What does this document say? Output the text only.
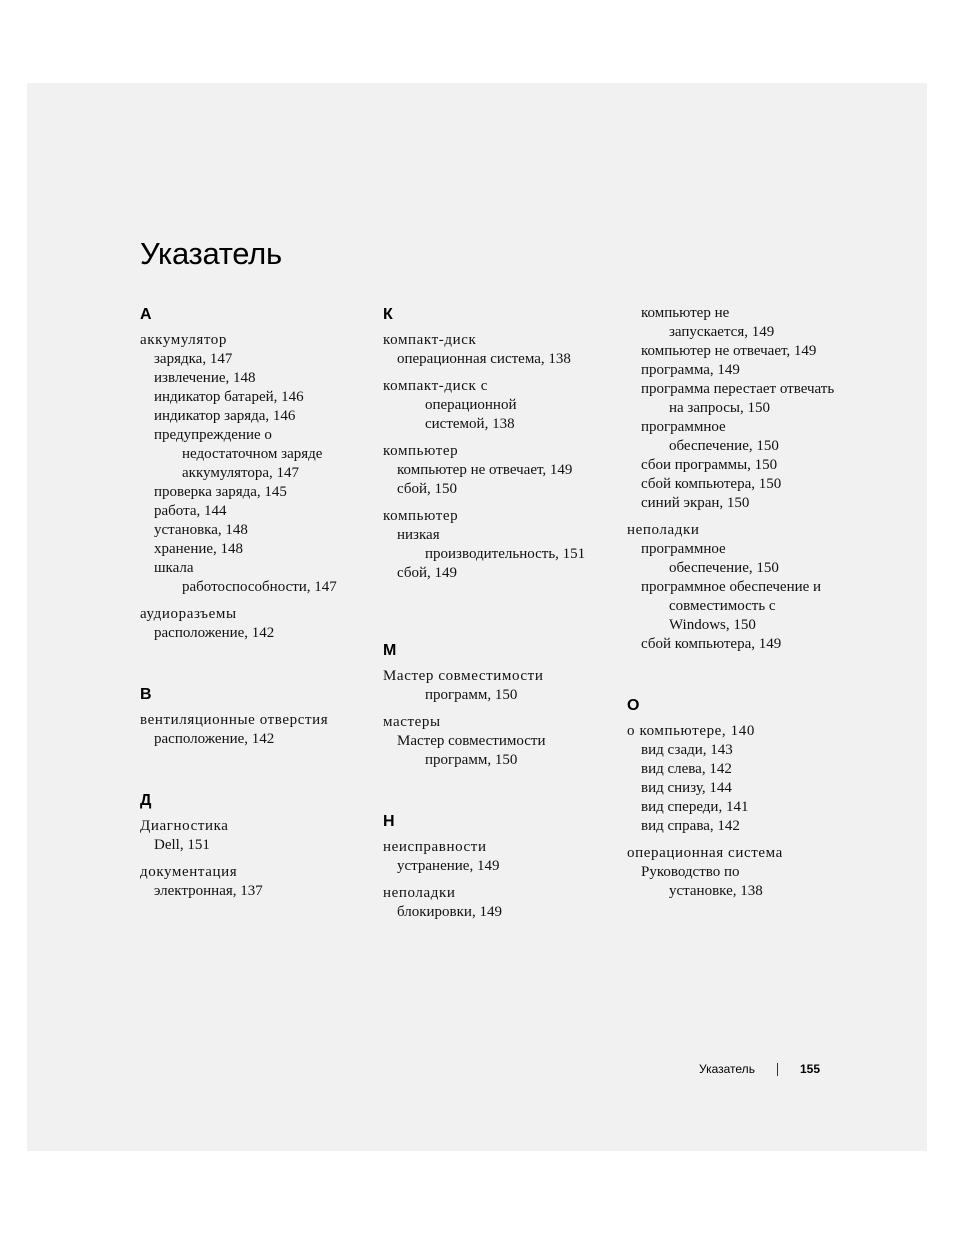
Указатель
А
аккумулятор
зарядка, 147
извлечение, 148
индикатор батарей, 146
индикатор заряда, 146
предупреждение о
недостаточном заряде
аккумулятора, 147
проверка заряда, 145
работа, 144
установка, 148
хранение, 148
шкала
работоспособности, 147
аудиоразъемы
расположение, 142
В
вентиляционные отверстия
расположение, 142
Д
Диагностика
Dell, 151
документация
электронная, 137
К
компакт-диск
операционная система, 138
компакт-диск с
операционной
системой, 138
компьютер
компьютер не отвечает, 149
сбой, 150
компьютер
низкая
производительность, 151
сбой, 149
М
Мастер совместимости
программ, 150
мастеры
Мастер совместимости
программ, 150
Н
неисправности
устранение, 149
неполадки
блокировки, 149
компьютер не
запускается, 149
компьютер не отвечает, 149
программа, 149
программа перестает отвечать
на запросы, 150
программное
обеспечение, 150
сбои программы, 150
сбой компьютера, 150
синий экран, 150
неполадки
программное
обеспечение, 150
программное обеспечение и
совместимость с
Windows, 150
сбой компьютера, 149
О
о компьютере, 140
вид сзади, 143
вид слева, 142
вид снизу, 144
вид спереди, 141
вид справа, 142
операционная система
Руководство по
установке, 138
Указатель	155
